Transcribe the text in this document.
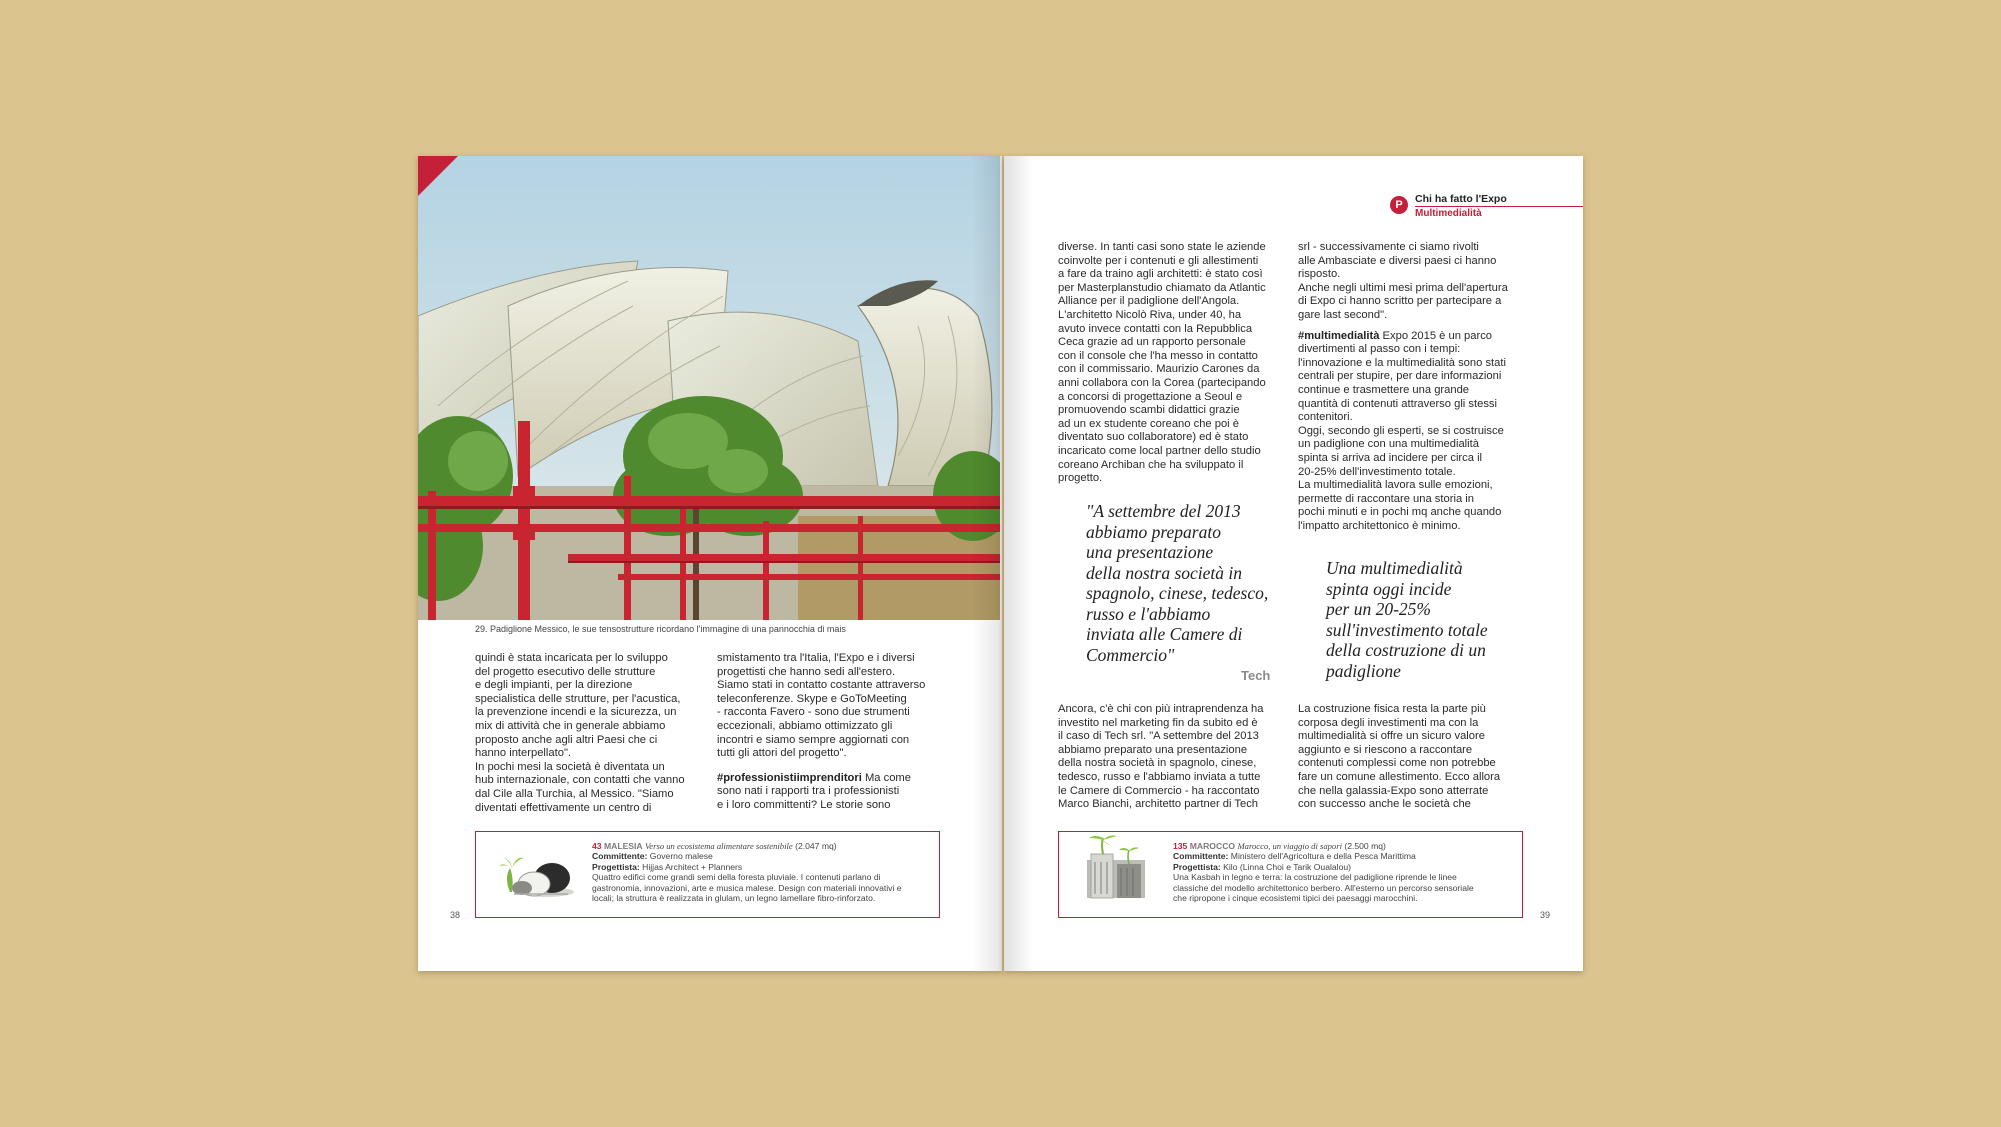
29. Padiglione Messico, le sue tensostrutture ricordano l'immagine di una pannocchia di mais

quindi è stata incaricata per lo sviluppo

del progetto esecutivo delle strutture

e degli impianti, per la direzione

specialistica delle strutture, per l'acustica,

la prevenzione incendi e la sicurezza, un

mix di attività che in generale abbiamo

proposto anche agli altri Paesi che ci

hanno interpellato".

In pochi mesi la società è diventata un

hub internazionale, con contatti che vanno

dal Cile alla Turchia, al Messico. "Siamo

diventati effettivamente un centro di

smistamento tra l'Italia, l'Expo e i diversi

progettisti che hanno sedi all'estero.

Siamo stati in contatto costante attraverso

teleconferenze. Skype e GoToMeeting

- racconta Favero - sono due strumenti

eccezionali, abbiamo ottimizzato gli

incontri e siamo sempre aggiornati con

tutti gli attori del progetto".

#professionistiimprenditori Ma come

sono nati i rapporti tra i professionisti

e i loro committenti? Le storie sono

43 MALESIA Verso un ecosistema alimentare sostenibile (2.047 mq)
Committente: Governo malese
Progettista: Hijjas Architect + Planners
Quattro edifici come grandi semi della foresta pluviale. I contenuti parlano di
gastronomia, innovazioni, arte e musica malese. Design con materiali innovativi e
locali; la struttura è realizzata in glulam, un legno lamellare fibro-rinforzato.
38
P	Chi ha fatto l'Expo
Multimedialità

diverse. In tanti casi sono state le aziende

coinvolte per i contenuti e gli allestimenti

a fare da traino agli architetti: è stato così

per Masterplanstudio chiamato da Atlantic

Alliance per il padiglione dell'Angola.

L'architetto Nicolò Riva, under 40, ha

avuto invece contatti con la Repubblica

Ceca grazie ad un rapporto personale

con il console che l'ha messo in contatto

con il commissario. Maurizio Carones da

anni collabora con la Corea (partecipando

a concorsi di progettazione a Seoul e

promuovendo scambi didattici grazie

ad un ex studente coreano che poi è

diventato suo collaboratore) ed è stato

incaricato come local partner dello studio

coreano Archiban che ha sviluppato il

progetto.

"A settembre del 2013
abbiamo preparato
una presentazione
della nostra società in
spagnolo, cinese, tedesco,
russo e l'abbiamo
inviata alle Camere di
Commercio"
Tech

Ancora, c'è chi con più intraprendenza ha

investito nel marketing fin da subito ed è

il caso di Tech srl. "A settembre del 2013

abbiamo preparato una presentazione

della nostra società in spagnolo, cinese,

tedesco, russo e l'abbiamo inviata a tutte

le Camere di Commercio - ha raccontato

Marco Bianchi, architetto partner di Tech

srl - successivamente ci siamo rivolti

alle Ambasciate e diversi paesi ci hanno

risposto.

Anche negli ultimi mesi prima dell'apertura

di Expo ci hanno scritto per partecipare a

gare last second".

#multimedialità Expo 2015 è un parco

divertimenti al passo con i tempi:

l'innovazione e la multimedialità sono stati

centrali per stupire, per dare informazioni

continue e trasmettere una grande

quantità di contenuti attraverso gli stessi

contenitori.

Oggi, secondo gli esperti, se si costruisce

un padiglione con una multimedialità

spinta si arriva ad incidere per circa il

20-25% dell'investimento totale.

La multimedialità lavora sulle emozioni,

permette di raccontare una storia in

pochi minuti e in pochi mq anche quando

l'impatto architettonico è minimo.

Una multimedialità
spinta oggi incide
per un 20-25%
sull'investimento totale
della costruzione di un
padiglione

La costruzione fisica resta la parte più

corposa degli investimenti ma con la

multimedialità si offre un sicuro valore

aggiunto e si riescono a raccontare

contenuti complessi come non potrebbe

fare un comune allestimento. Ecco allora

che nella galassia-Expo sono atterrate

con successo anche le società che

135 MAROCCO Marocco, un viaggio di sapori (2.500 mq)
Committente: Ministero dell'Agricoltura e della Pesca Marittima
Progettista: Kilo (Linna Choi e Tarik Oualalou)
Una Kasbah in legno e terra: la costruzione del padiglione riprende le linee
classiche del modello architettonico berbero. All'esterno un percorso sensoriale
che ripropone i cinque ecosistemi tipici dei paesaggi marocchini.
39
